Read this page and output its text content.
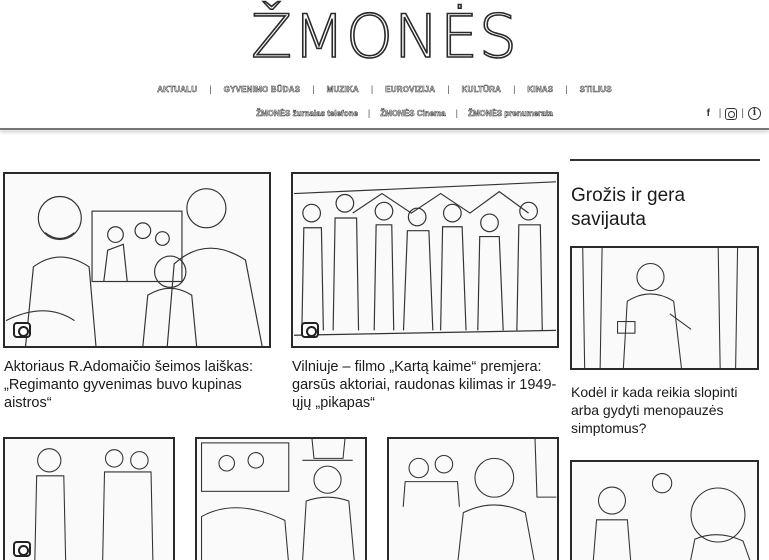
ŽMONĖS
AKTUALU	|	GYVENIMO BŪDAS	|	MUZIKA	|	EUROVIZIJA	|	KULTŪRA	|	KINAS	|	STILIUS
ŽMONĖS žurnalas telefone	|	ŽMONĖS Cinema	|	ŽMONĖS prenumerata	f | | i
Aktoriaus R.Adomaičio šeimos laiškas: „Regimanto gyvenimas buvo kupinas aistros“
Vilniuje – filmo „Kartą kaime“ premjera: garsūs aktoriai, raudonas kilimas ir 1949-ųjų „pikapas“
Grožis ir gera savijauta
Kodėl ir kada reikia slopinti arba gydyti menopauzės simptomus?
